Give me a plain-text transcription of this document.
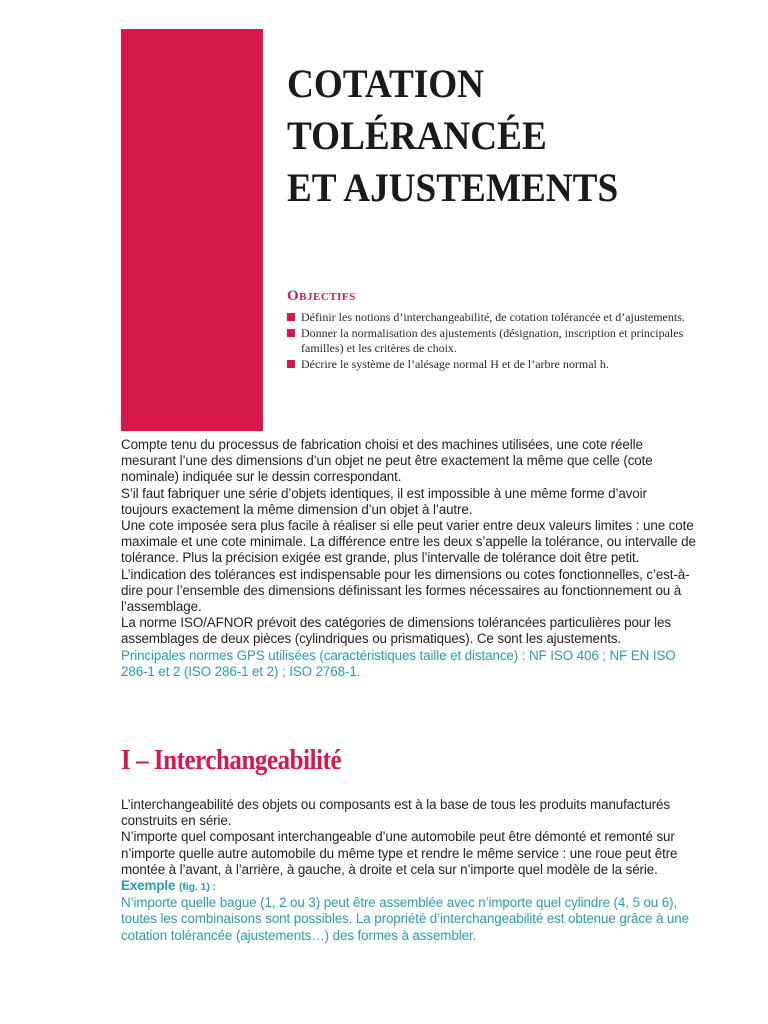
COTATION
TOLÉRANCÉE
ET AJUSTEMENTS
Objectifs
Définir les notions d’interchangeabilité, de cotation tolérancée et d’ajustements.
Donner la normalisation des ajustements (désignation, inscription et principales familles) et les critères de choix.
Décrire le système de l’alésage normal H et de l’arbre normal h.

Compte tenu du processus de fabrication choisi et des machines utilisées, une cote réelle mesurant l’une des dimensions d’un objet ne peut être exactement la même que celle (cote nominale) indiquée sur le dessin correspondant.

S’il faut fabriquer une série d’objets identiques, il est impossible à une même forme d’avoir toujours exactement la même dimension d’un objet à l’autre.

Une cote imposée sera plus facile à réaliser si elle peut varier entre deux valeurs limites : une cote maximale et une cote minimale. La différence entre les deux s’appelle la tolérance, ou intervalle de tolérance. Plus la précision exigée est grande, plus l’intervalle de tolérance doit être petit.

L’indication des tolérances est indispensable pour les dimensions ou cotes fonctionnelles, c’est-à-dire pour l’ensemble des dimensions définissant les formes nécessaires au fonctionnement ou à l’assemblage.

La norme ISO/AFNOR prévoit des catégories de dimensions tolérancées particulières pour les assemblages de deux pièces (cylindriques ou prismatiques). Ce sont les ajustements.

Principales normes GPS utilisées (caractéristiques taille et distance) : NF ISO 406 ; NF EN ISO 286-1 et 2 (ISO 286-1 et 2) ; ISO 2768-1.

I – Interchangeabilité

L’interchangeabilité des objets ou composants est à la base de tous les produits manufacturés construits en série.

N’importe quel composant interchangeable d’une automobile peut être démonté et remonté sur n’importe quelle autre automobile du même type et rendre le même service : une roue peut être montée à l’avant, à l’arrière, à gauche, à droite et cela sur n’importe quel modèle de la série.

Exemple (fig. 1) :

N’importe quelle bague (1, 2 ou 3) peut être assemblée avec n’importe quel cylindre (4, 5 ou 6), toutes les combinaisons sont possibles. La propriété d’interchangeabilité est obtenue grâce à une cotation tolérancée (ajustements…) des formes à assembler.
